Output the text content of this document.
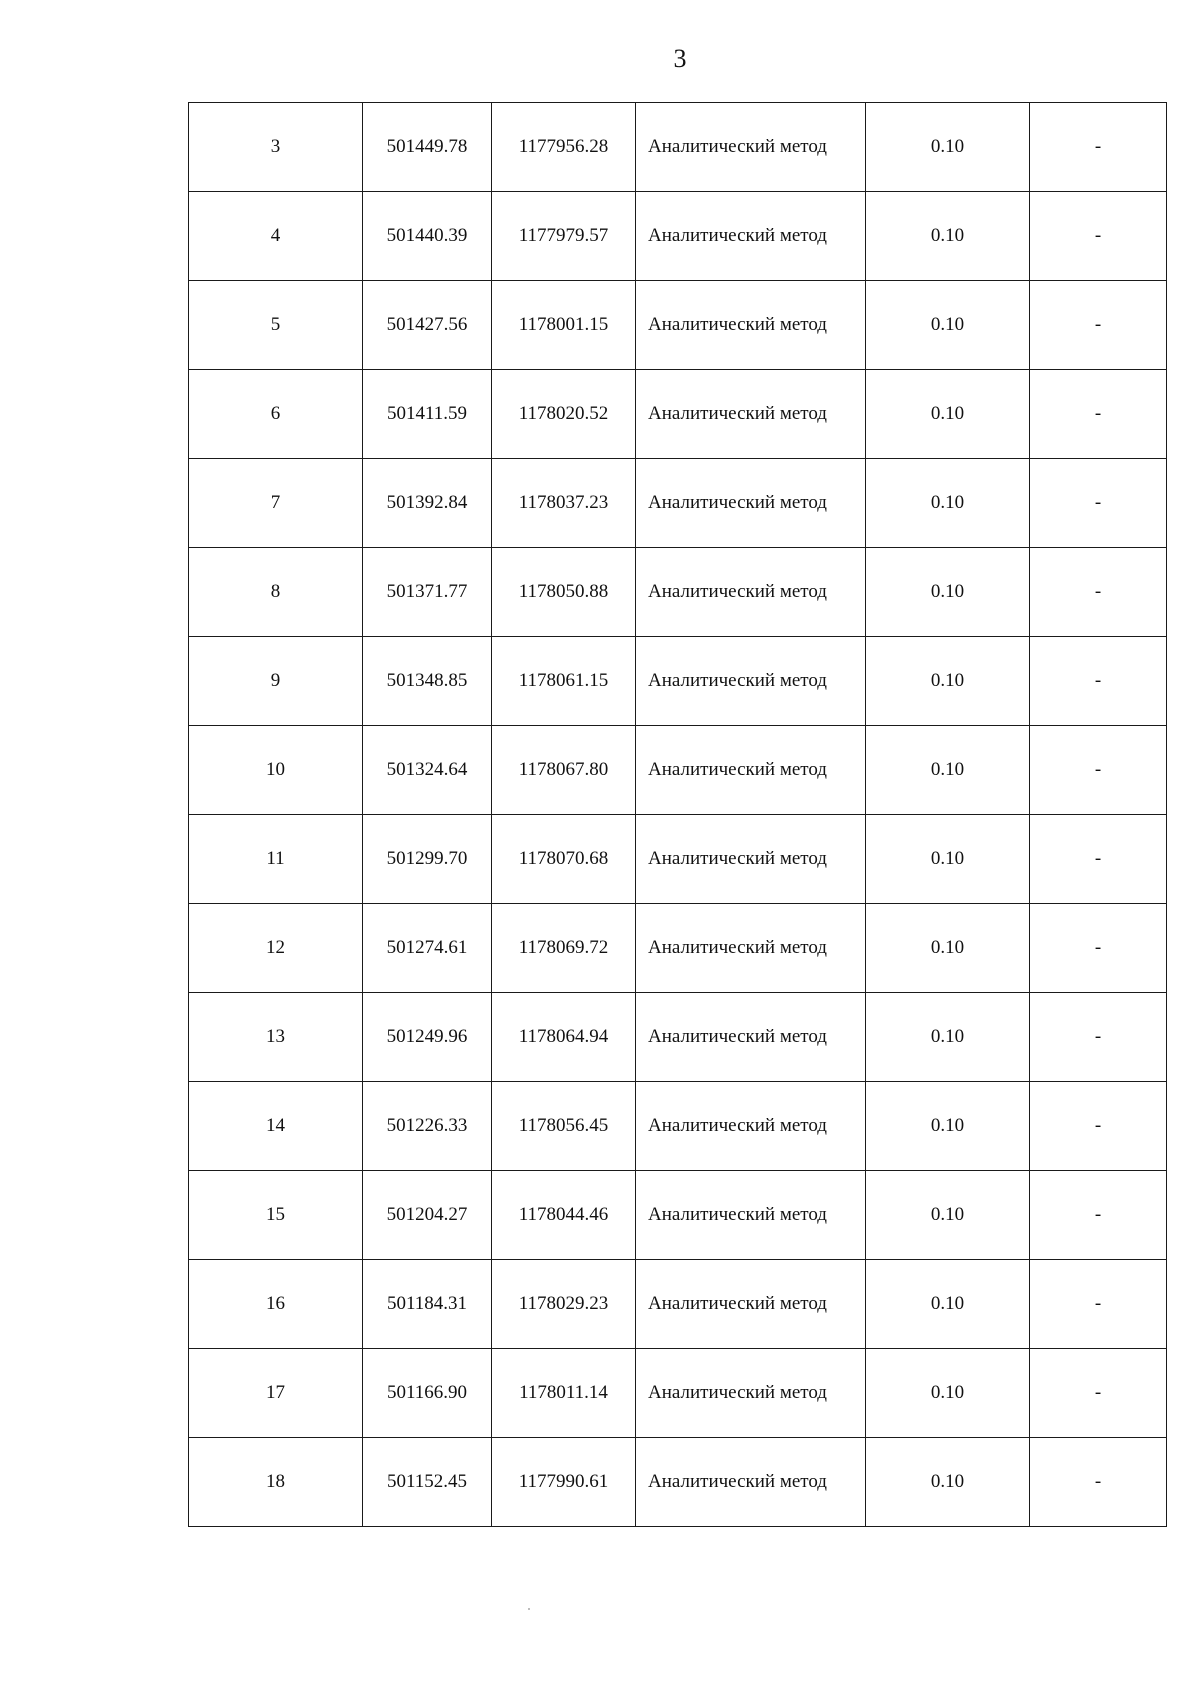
3
3	501449.78	1177956.28	Аналитический метод	0.10	-
4	501440.39	1177979.57	Аналитический метод	0.10	-
5	501427.56	1178001.15	Аналитический метод	0.10	-
6	501411.59	1178020.52	Аналитический метод	0.10	-
7	501392.84	1178037.23	Аналитический метод	0.10	-
8	501371.77	1178050.88	Аналитический метод	0.10	-
9	501348.85	1178061.15	Аналитический метод	0.10	-
10	501324.64	1178067.80	Аналитический метод	0.10	-
11	501299.70	1178070.68	Аналитический метод	0.10	-
12	501274.61	1178069.72	Аналитический метод	0.10	-
13	501249.96	1178064.94	Аналитический метод	0.10	-
14	501226.33	1178056.45	Аналитический метод	0.10	-
15	501204.27	1178044.46	Аналитический метод	0.10	-
16	501184.31	1178029.23	Аналитический метод	0.10	-
17	501166.90	1178011.14	Аналитический метод	0.10	-
18	501152.45	1177990.61	Аналитический метод	0.10	-
